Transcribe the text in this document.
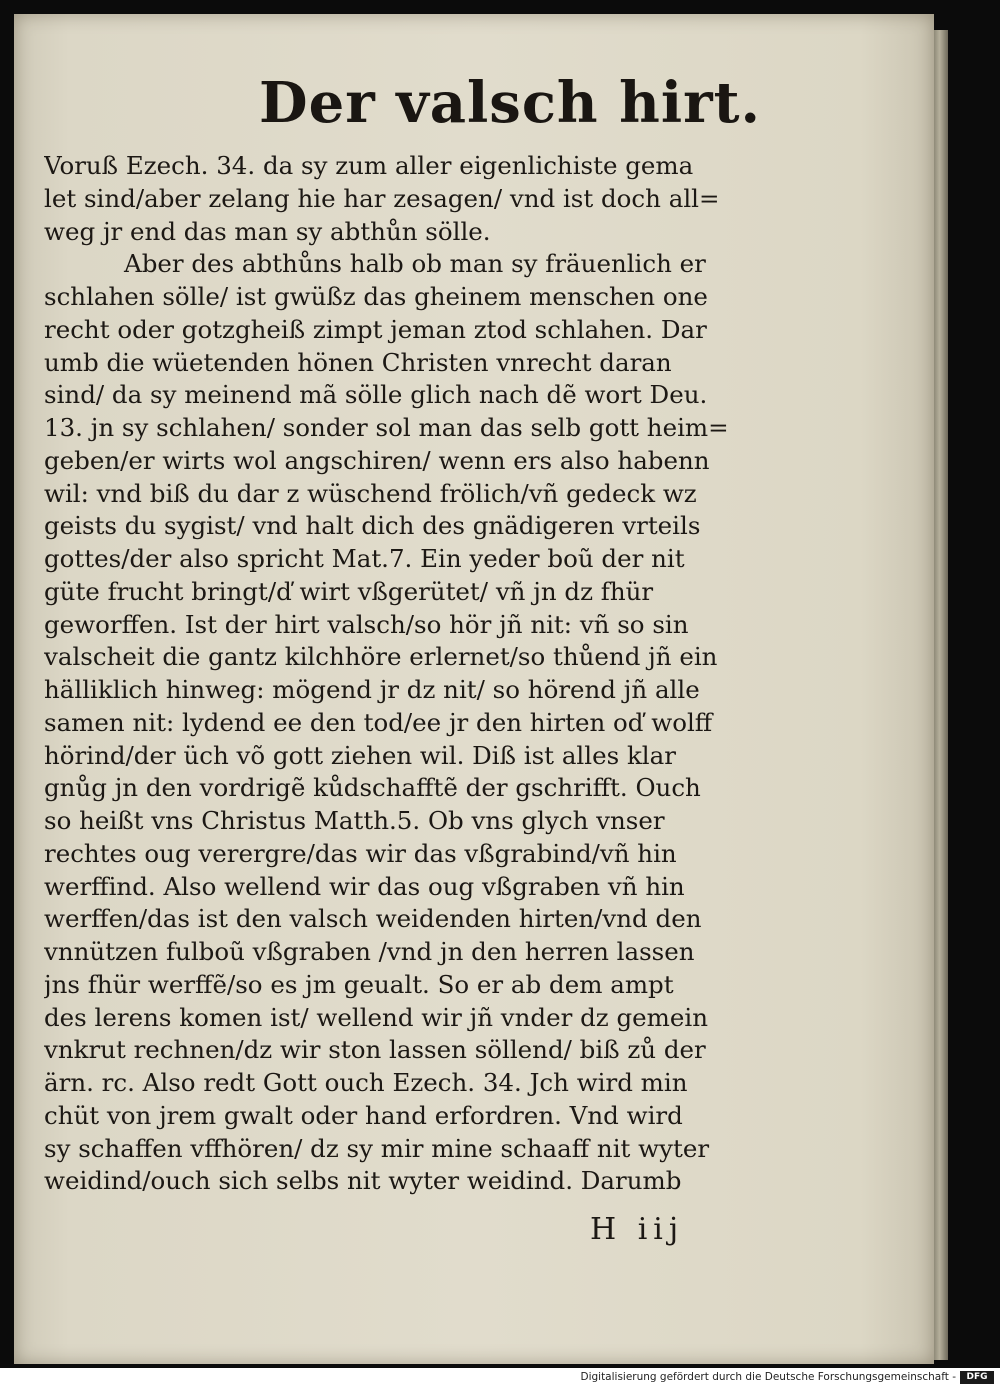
Der valsch hirt.
Voruß Ezech. 34. da sy zum aller eigenlichiste gema
let sind/aber zelang hie har zesagen/ vnd ist doch all=
weg jr end das man sy abthůn sölle.
Aber des abthůns halb ob man sy fräuenlich er
schlahen sölle/ ist gwüßz das gheinem menschen one
recht oder gotzgheiß zimpt jeman ztod schlahen. Dar
umb die wüetenden hönen Christen vnrecht daran
sind/ da sy meinend mã sölle glich nach dẽ wort Deu.
13. jn sy schlahen/ sonder sol man das selb gott heim=
geben/er wirts wol angschiren/ wenn ers also habenn
wil: vnd biß du dar z wüschend frölich/vñ gedeck wz
geists du sygist/ vnd halt dich des gnädigeren vrteils
gottes/der also spricht Mat.7. Ein yeder boũ der nit
güte frucht bringt/ď wirt vßgerütet/ vñ jn dz fhür
geworffen. Ist der hirt valsch/so hör jñ nit: vñ so sin
valscheit die gantz kilchhöre erlernet/so thůend jñ ein
hälliklich hinweg: mögend jr dz nit/ so hörend jñ alle
samen nit: lydend ee den tod/ee jr den hirten oď wolff
hörind/der üch võ gott ziehen wil. Diß ist alles klar
gnůg jn den vordrigẽ kůdschafftẽ der gschrifft. Ouch
so heißt vns Christus Matth.5. Ob vns glych vnser
rechtes oug verergre/das wir das vßgrabind/vñ hin
werffind. Also wellend wir das oug vßgraben vñ hin
werffen/das ist den valsch weidenden hirten/vnd den
vnnützen fulboũ vßgraben /vnd jn den herren lassen
jns fhür werffẽ/so es jm geualt. So er ab dem ampt
des lerens komen ist/ wellend wir jñ vnder dz gemein
vnkrut rechnen/dz wir ston lassen söllend/ biß zů der
ärn. rc. Also redt Gott ouch Ezech. 34. Jch wird min
chüt von jrem gwalt oder hand erfordren. Vnd wird
sy schaffen vffhören/ dz sy mir mine schaaff nit wyter
weidind/ouch sich selbs nit wyter weidind. Darumb
H iij
Digitalisierung gefördert durch die Deutsche Forschungsgemeinschaft -	DFG
